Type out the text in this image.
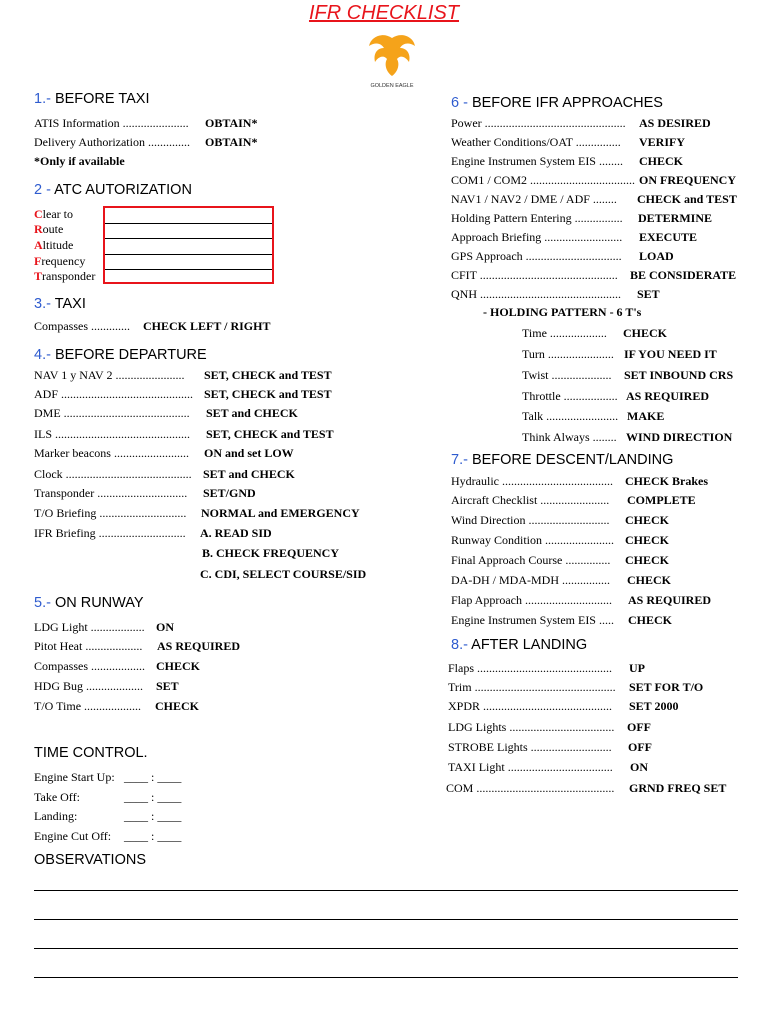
IFR CHECKLIST
GOLDEN EAGLE
1.- BEFORE TAXI
ATIS Information ...................... OBTAIN*
Delivery Authorization .............. OBTAIN*
*Only if available
2 - ATC AUTORIZATION
Clear to
Route
Altitude
Frequency
Transponder
3.- TAXI
Compasses ............. CHECK LEFT / RIGHT
4.- BEFORE DEPARTURE
NAV 1 y NAV 2 ....................... SET, CHECK and TEST
ADF ............................................ SET, CHECK and TEST
DME .......................................... SET and CHECK
ILS ............................................. SET, CHECK and TEST
Marker beacons ......................... ON and set LOW
Clock .......................................... SET and CHECK
Transponder .............................. SET/GND
T/O Briefing ............................. NORMAL and EMERGENCY
IFR Briefing ............................. A. READ SID
B. CHECK FREQUENCY
C. CDI, SELECT COURSE/SID
5.- ON RUNWAY
LDG Light .................. ON
Pitot Heat ................... AS REQUIRED
Compasses .................. CHECK
HDG Bug ................... SET
T/O Time ................... CHECK
TIME CONTROL.
Engine Start Up: ____ : ____
Take Off:	____ : ____
Landing:	____ : ____
Engine Cut Off: ____ : ____
OBSERVATIONS
6 - BEFORE IFR APPROACHES
Power ............................................... AS DESIRED
Weather Conditions/OAT ............... VERIFY
Engine Instrumen System EIS ........ CHECK
COM1 / COM2 ................................... ON FREQUENCY
NAV1 / NAV2 / DME / ADF ........ CHECK and TEST
Holding Pattern Entering ................ DETERMINE
Approach Briefing .......................... EXECUTE
GPS Approach ................................ LOAD
CFIT .............................................. BE CONSIDERATE
QNH ............................................... SET
- HOLDING PATTERN - 6 T's
Time ................... CHECK
Turn ...................... IF YOU NEED IT
Twist .................... SET INBOUND CRS
Throttle .................. AS REQUIRED
Talk ........................ MAKE
Think Always ........ WIND DIRECTION
7.- BEFORE DESCENT/LANDING
Hydraulic ..................................... CHECK Brakes
Aircraft Checklist ....................... COMPLETE
Wind Direction ........................... CHECK
Runway Condition ....................... CHECK
Final Approach Course ............... CHECK
DA-DH / MDA-MDH ................ CHECK
Flap Approach ............................. AS REQUIRED
Engine Instrumen System EIS ..... CHECK
8.- AFTER LANDING
Flaps ............................................. UP
Trim ............................................... SET FOR T/O
XPDR ........................................... SET 2000
LDG Lights ................................... OFF
STROBE Lights ........................... OFF
TAXI Light ................................... ON
COM .............................................. GRND FREQ SET
